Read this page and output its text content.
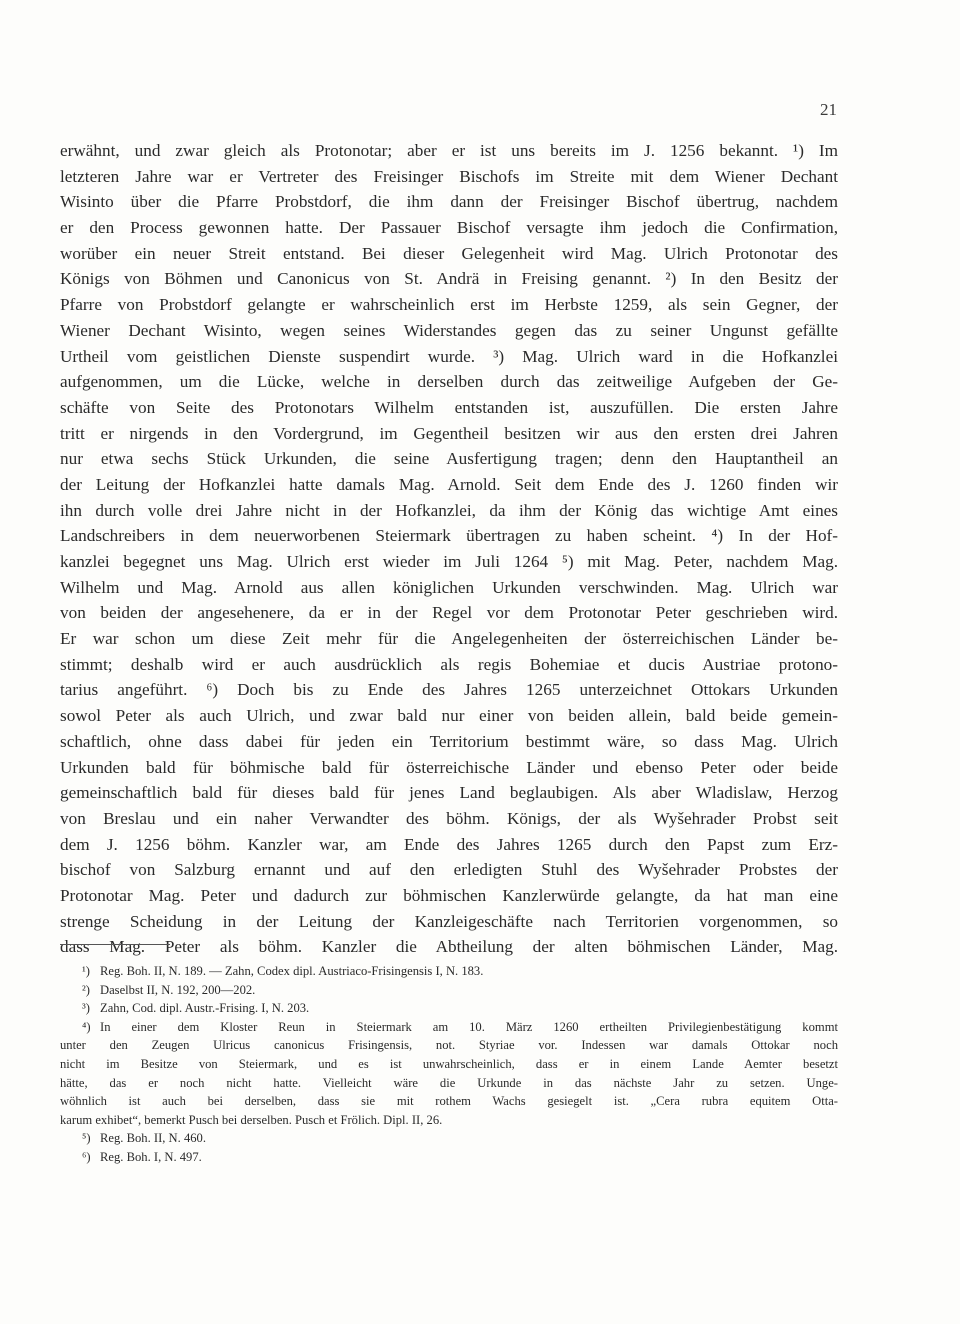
21
erwähnt, und zwar gleich als Protonotar; aber er ist uns bereits im J. 1256 bekannt. ¹) Im
letzteren Jahre war er Vertreter des Freisinger Bischofs im Streite mit dem Wiener Dechant
Wisinto über die Pfarre Probstdorf, die ihm dann der Freisinger Bischof übertrug, nachdem
er den Process gewonnen hatte. Der Passauer Bischof versagte ihm jedoch die Confirmation,
worüber ein neuer Streit entstand. Bei dieser Gelegenheit wird Mag. Ulrich Protonotar des
Königs von Böhmen und Canonicus von St. Andrä in Freising genannt. ²) In den Besitz der
Pfarre von Probstdorf gelangte er wahrscheinlich erst im Herbste 1259, als sein Gegner, der
Wiener Dechant Wisinto, wegen seines Widerstandes gegen das zu seiner Ungunst gefällte
Urtheil vom geistlichen Dienste suspendirt wurde. ³) Mag. Ulrich ward in die Hofkanzlei
aufgenommen, um die Lücke, welche in derselben durch das zeitweilige Aufgeben der Ge-
schäfte von Seite des Protonotars Wilhelm entstanden ist, auszufüllen. Die ersten Jahre
tritt er nirgends in den Vordergrund, im Gegentheil besitzen wir aus den ersten drei Jahren
nur etwa sechs Stück Urkunden, die seine Ausfertigung tragen; denn den Hauptantheil an
der Leitung der Hofkanzlei hatte damals Mag. Arnold. Seit dem Ende des J. 1260 finden wir
ihn durch volle drei Jahre nicht in der Hofkanzlei, da ihm der König das wichtige Amt eines
Landschreibers in dem neuerworbenen Steiermark übertragen zu haben scheint. ⁴) In der Hof-
kanzlei begegnet uns Mag. Ulrich erst wieder im Juli 1264 ⁵) mit Mag. Peter, nachdem Mag.
Wilhelm und Mag. Arnold aus allen königlichen Urkunden verschwinden. Mag. Ulrich war
von beiden der angesehenere, da er in der Regel vor dem Protonotar Peter geschrieben wird.
Er war schon um diese Zeit mehr für die Angelegenheiten der österreichischen Länder be-
stimmt; deshalb wird er auch ausdrücklich als regis Bohemiae et ducis Austriae protono-
tarius angeführt. ⁶) Doch bis zu Ende des Jahres 1265 unterzeichnet Ottokars Urkunden
sowol Peter als auch Ulrich, und zwar bald nur einer von beiden allein, bald beide gemein-
schaftlich, ohne dass dabei für jeden ein Territorium bestimmt wäre, so dass Mag. Ulrich
Urkunden bald für böhmische bald für österreichische Länder und ebenso Peter oder beide
gemeinschaftlich bald für dieses bald für jenes Land beglaubigen. Als aber Wladislaw, Herzog
von Breslau und ein naher Verwandter des böhm. Königs, der als Wyšehrader Probst seit
dem J. 1256 böhm. Kanzler war, am Ende des Jahres 1265 durch den Papst zum Erz-
bischof von Salzburg ernannt und auf den erledigten Stuhl des Wyšehrader Probstes der
Protonotar Mag. Peter und dadurch zur böhmischen Kanzlerwürde gelangte, da hat man eine
strenge Scheidung in der Leitung der Kanzleigeschäfte nach Territorien vorgenommen, so
dass Mag. Peter als böhm. Kanzler die Abtheilung der alten böhmischen Länder, Mag.
¹) Reg. Boh. II, N. 189. — Zahn, Codex dipl. Austriaco-Frisingensis I, N. 183.
²) Daselbst II, N. 192, 200—202.
³) Zahn, Cod. dipl. Austr.-Frising. I, N. 203.
⁴) In einer dem Kloster Reun in Steiermark am 10. März 1260 ertheilten Privilegienbestätigung kommt
unter den Zeugen Ulricus canonicus Frisingensis, not. Styriae vor. Indessen war damals Ottokar noch
nicht im Besitze von Steiermark, und es ist unwahrscheinlich, dass er in einem Lande Aemter besetzt
hätte, das er noch nicht hatte. Vielleicht wäre die Urkunde in das nächste Jahr zu setzen. Unge-
wöhnlich ist auch bei derselben, dass sie mit rothem Wachs gesiegelt ist. „Cera rubra equitem Otta-
karum exhibet“, bemerkt Pusch bei derselben. Pusch et Frölich. Dipl. II, 26.
⁵) Reg. Boh. II, N. 460.
⁶) Reg. Boh. I, N. 497.
